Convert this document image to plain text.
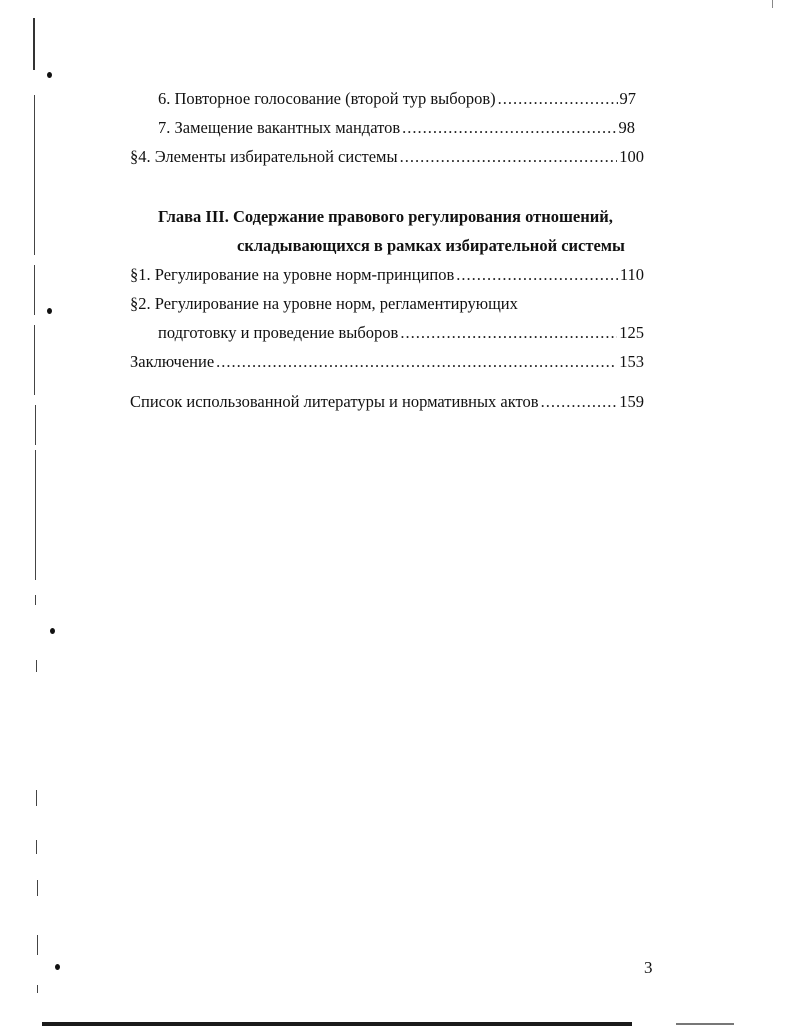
6. Повторное голосование (второй тур выборов) .....	97
7. Замещение вакантных мандатов .....	98
§4. Элементы избирательной системы .....	100
Глава III. Содержание правового регулирования отношений,
складывающихся в рамках избирательной системы
§1. Регулирование на уровне норм-принципов .....	110
§2. Регулирование на уровне норм, регламентирующих
подготовку и проведение выборов .....	125
Заключение .....	153
Список использованной литературы и нормативных актов .....	159
3
